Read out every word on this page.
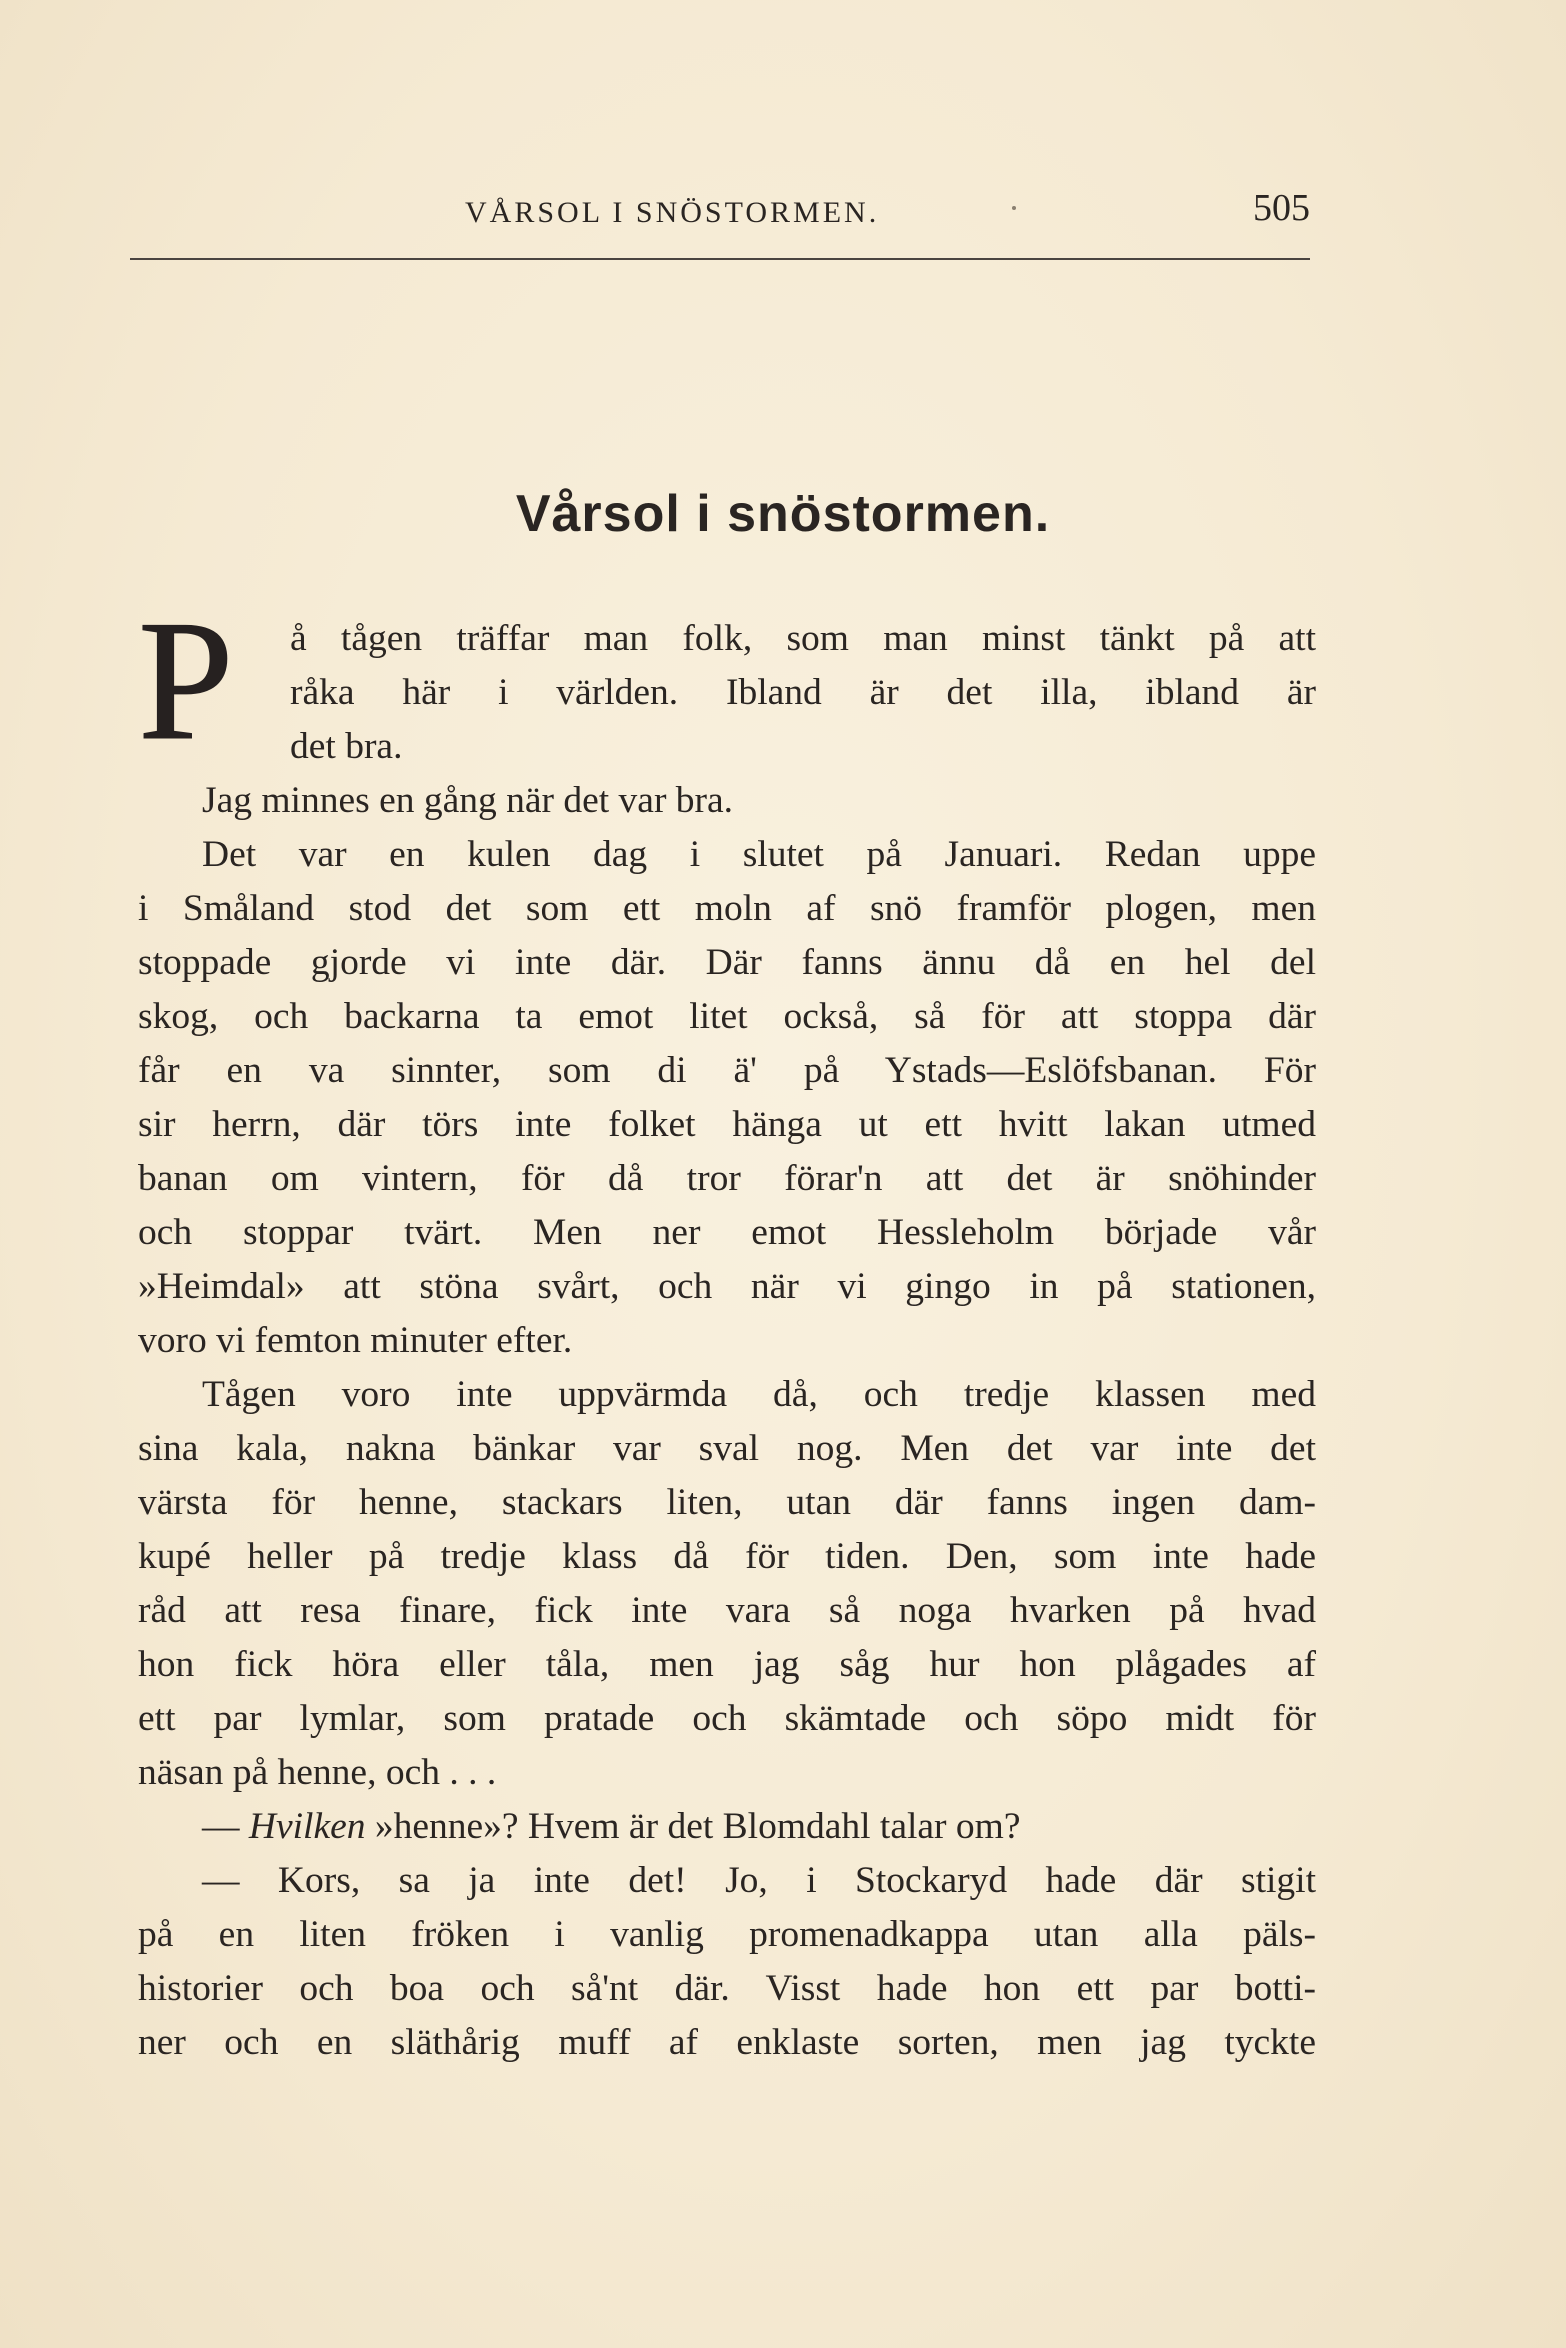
VÅRSOL I SNÖSTORMEN.	505
Vårsol i snöstormen.
P	å tågen träffar man folk, som man minst tänkt på att
råka här i världen. Ibland är det illa, ibland är
det bra.
Jag minnes en gång när det var bra.
Det var en kulen dag i slutet på Januari. Redan uppe
i Småland stod det som ett moln af snö framför plogen, men
stoppade gjorde vi inte där. Där fanns ännu då en hel del
skog, och backarna ta emot litet också, så för att stoppa där
får en va sinnter, som di ä' på Ystads—Eslöfsbanan. För
sir herrn, där törs inte folket hänga ut ett hvitt lakan utmed
banan om vintern, för då tror förar'n att det är snöhinder
och stoppar tvärt. Men ner emot Hessleholm började vår
»Heimdal» att stöna svårt, och när vi gingo in på stationen,
voro vi femton minuter efter.
Tågen voro inte uppvärmda då, och tredje klassen med
sina kala, nakna bänkar var sval nog. Men det var inte det
värsta för henne, stackars liten, utan där fanns ingen dam-
kupé heller på tredje klass då för tiden. Den, som inte hade
råd att resa finare, fick inte vara så noga hvarken på hvad
hon fick höra eller tåla, men jag såg hur hon plågades af
ett par lymlar, som pratade och skämtade och söpo midt för
näsan på henne, och . . .
— Hvilken »henne»? Hvem är det Blomdahl talar om?
— Kors, sa ja inte det! Jo, i Stockaryd hade där stigit
på en liten fröken i vanlig promenadkappa utan alla päls-
historier och boa och så'nt där. Visst hade hon ett par botti-
ner och en släthårig muff af enklaste sorten, men jag tyckte
